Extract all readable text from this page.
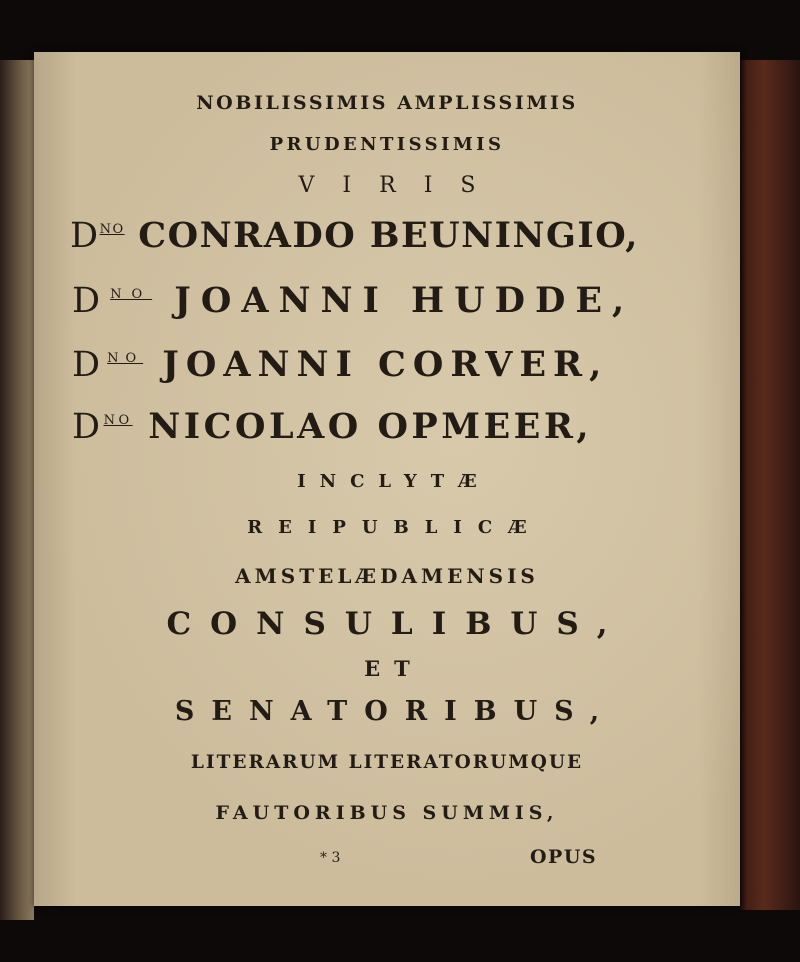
NOBILISSIMIS AMPLISSIMIS
PRUDENTISSIMIS
VIRIS
$D^{NO}$ CONRADO BEUNINGIO,
$D^{NO}$ JOANNI HUDDE,
$D^{NO}$ JOANNI CORVER,
$D^{NO}$ NICOLAO OPMEER,
INCLYTÆ
REIPUBLICÆ
AMSTELÆDAMENSIS
CONSULIBUS,
ET
SENATORIBUS,
LITERARUM LITERATORUMQUE
FAUTORIBUS SUMMIS,
* 3	OPUS
